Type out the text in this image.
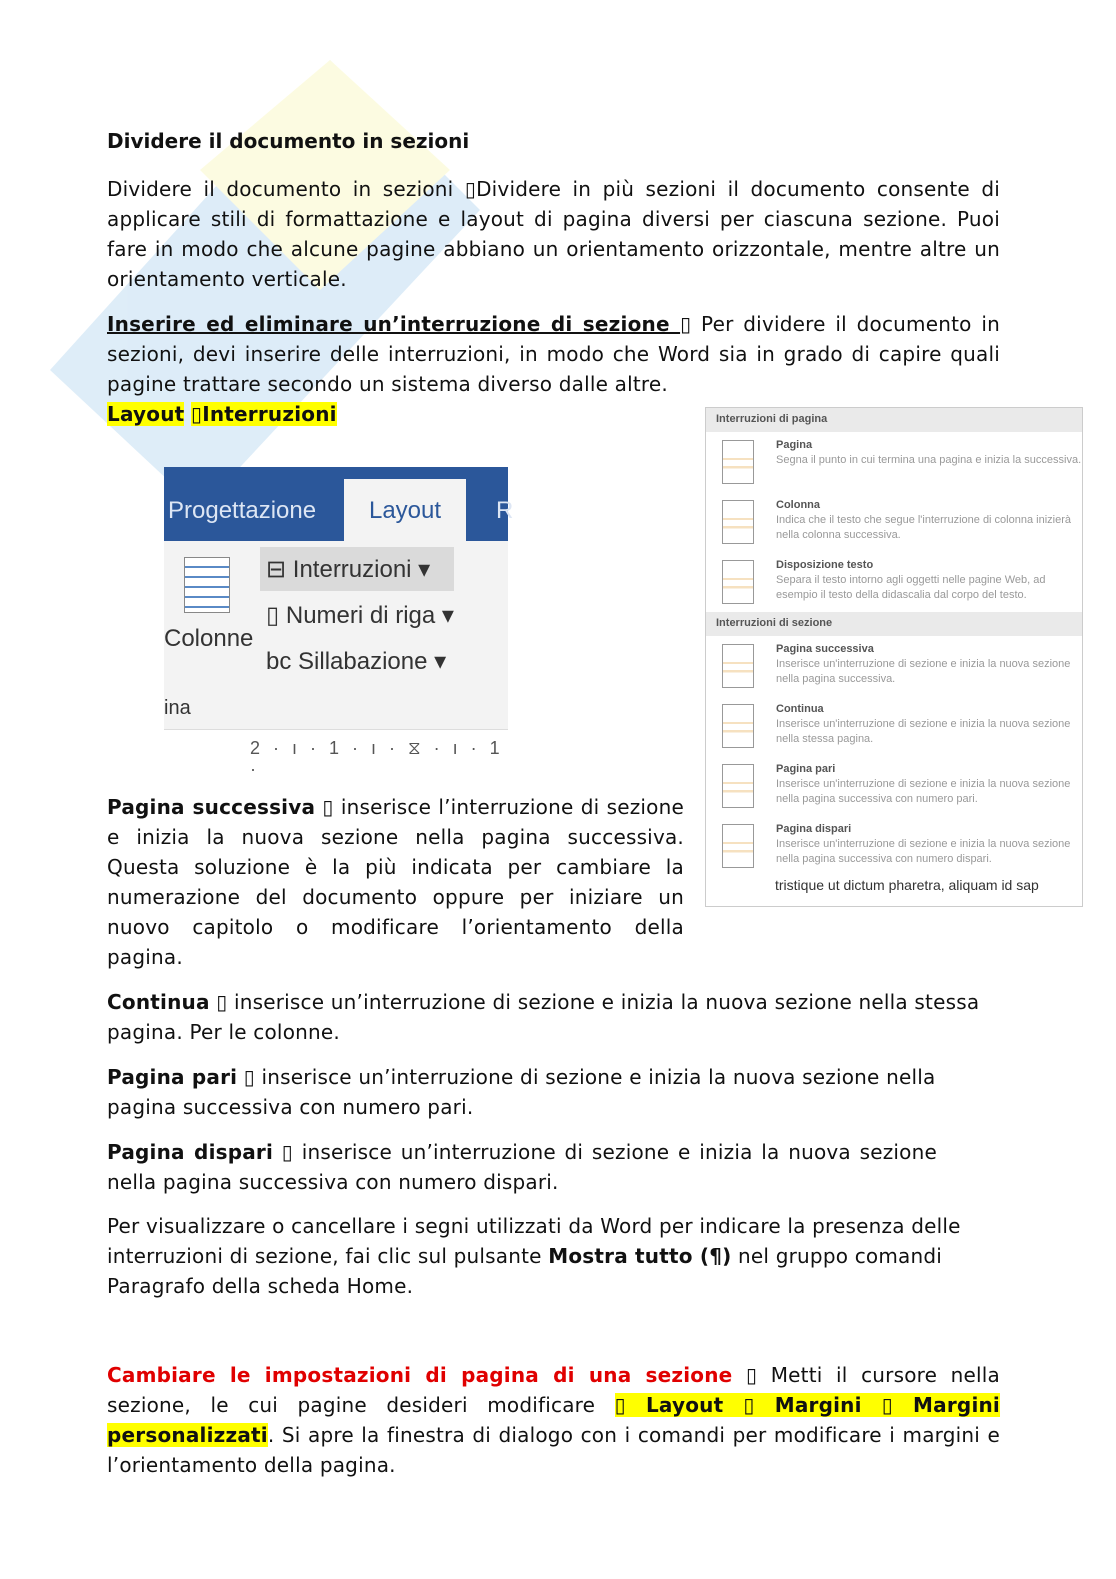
Dividere il documento in sezioni

Dividere il documento in sezioni ▯Dividere in più sezioni il documento consente di applicare stili di formattazione e layout di pagina diversi per ciascuna sezione. Puoi fare in modo che alcune pagine abbiano un orientamento orizzontale, mentre altre un orientamento verticale.

Inserire ed eliminare un’interruzione di sezione ▯ Per dividere il documento in sezioni, devi inserire delle interruzioni, in modo che Word sia in grado di capire quali pagine trattare secondo un sistema diverso dalle altre.
Layout ▯Interruzioni

Progettazione	Layout	R
Colonne
⊟ Interruzioni ▾
▯ Numeri di riga ▾
bc Sillabazione ▾
ina
2 · ı · 1 · ı · ⧖ · ı · 1 ·
Interruzioni di pagina
Pagina
Segna il punto in cui termina una pagina e inizia la successiva.
Colonna
Indica che il testo che segue l'interruzione di colonna inizierà nella colonna successiva.
Disposizione testo
Separa il testo intorno agli oggetti nelle pagine Web, ad esempio il testo della didascalia dal corpo del testo.
Interruzioni di sezione
Pagina successiva
Inserisce un'interruzione di sezione e inizia la nuova sezione nella pagina successiva.
Continua
Inserisce un'interruzione di sezione e inizia la nuova sezione nella stessa pagina.
Pagina pari
Inserisce un'interruzione di sezione e inizia la nuova sezione nella pagina successiva con numero pari.
Pagina dispari
Inserisce un'interruzione di sezione e inizia la nuova sezione nella pagina successiva con numero dispari.
tristique ut dictum pharetra, aliquam id sap

Pagina successiva ▯ inserisce l’interruzione di sezione e inizia la nuova sezione nella pagina successiva. Questa soluzione è la più indicata per cambiare la numerazione del documento oppure per iniziare un nuovo capitolo o modificare l’orientamento della pagina.

Continua ▯ inserisce un’interruzione di sezione e inizia la nuova sezione nella stessa pagina. Per le colonne.

Pagina pari ▯ inserisce un’interruzione di sezione e inizia la nuova sezione nella pagina successiva con numero pari.

Pagina dispari ▯ inserisce un’interruzione di sezione e inizia la nuova sezione nella pagina successiva con numero dispari.

Per visualizzare o cancellare i segni utilizzati da Word per indicare la presenza delle interruzioni di sezione, fai clic sul pulsante Mostra tutto (¶) nel gruppo comandi Paragrafo della scheda Home.

Cambiare le impostazioni di pagina di una sezione ▯ Metti il cursore nella sezione, le cui pagine desideri modificare ▯ Layout ▯ Margini ▯ Margini personalizzati. Si apre la finestra di dialogo con i comandi per modificare i margini e l’orientamento della pagina.
